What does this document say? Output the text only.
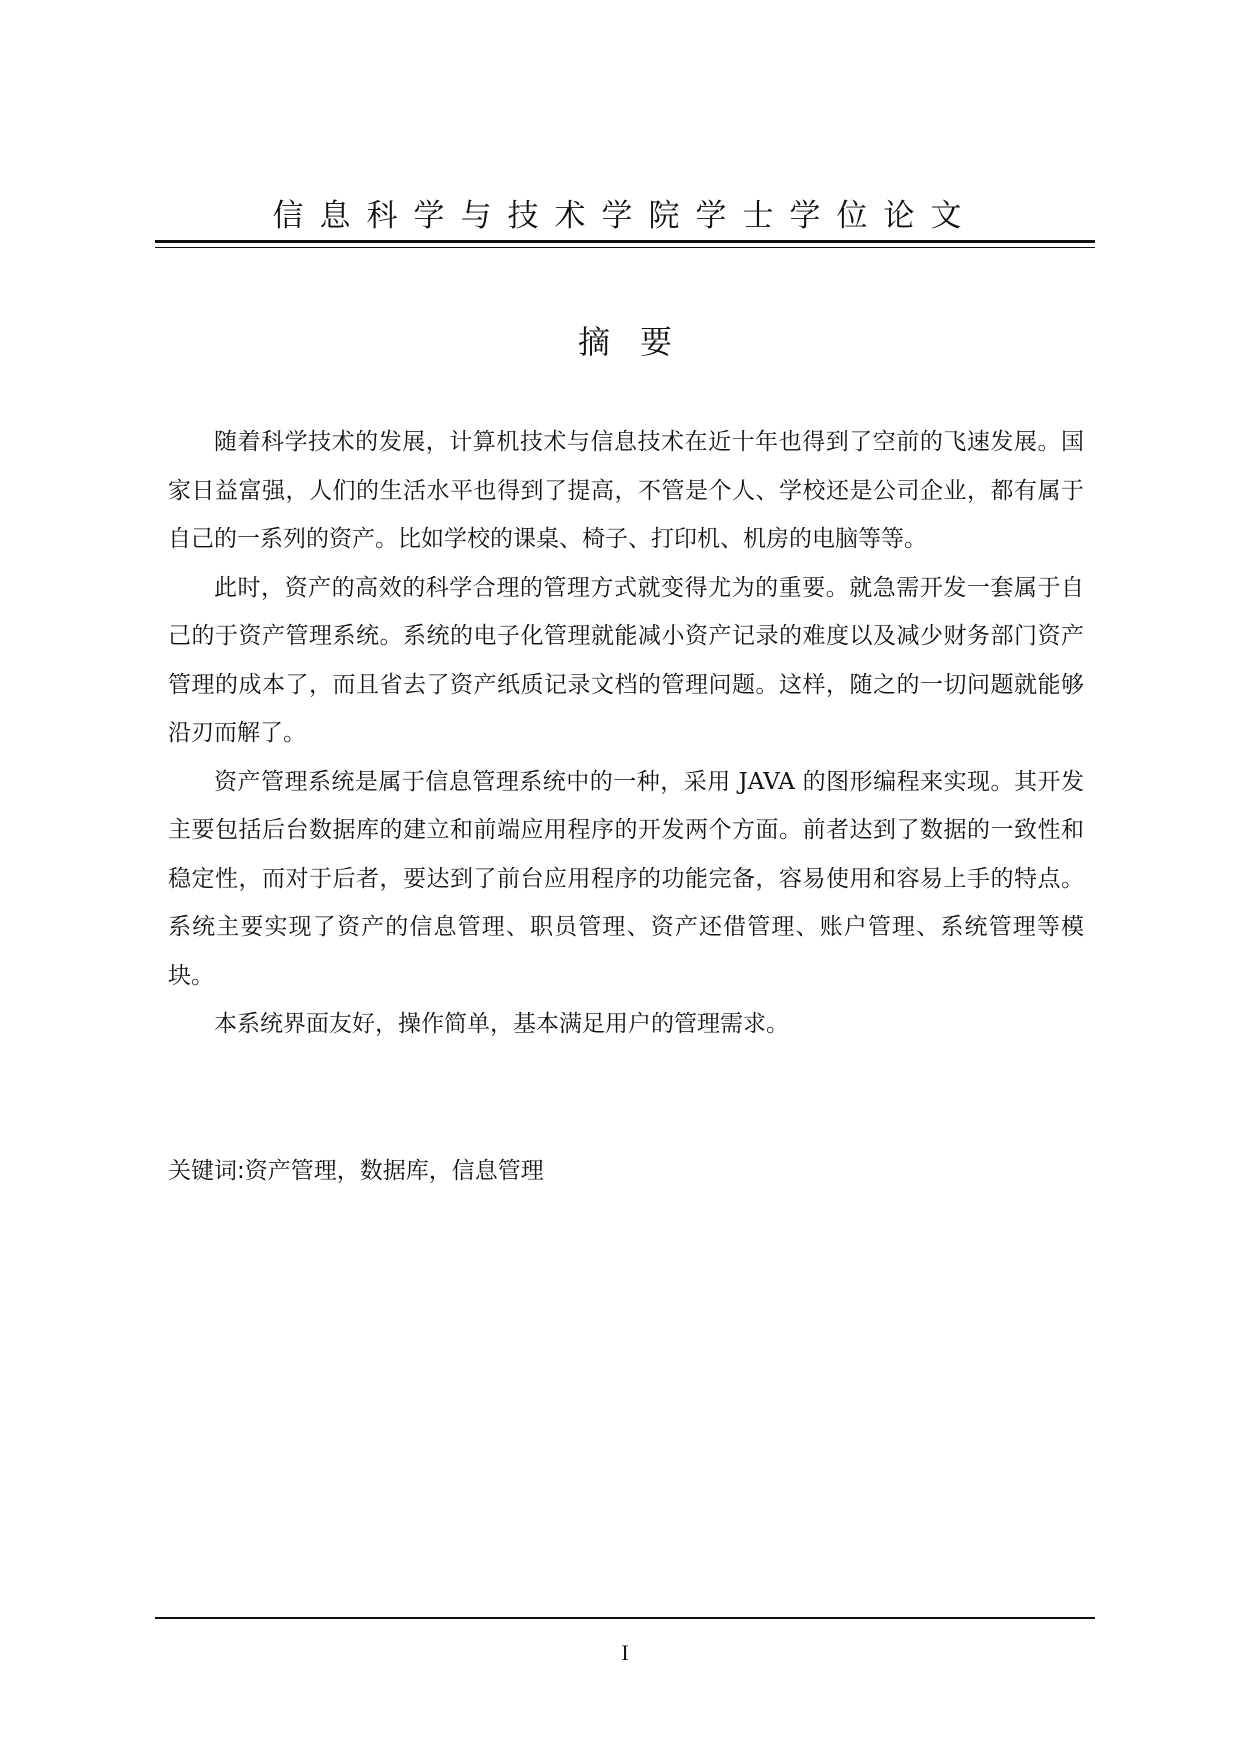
信息科学与技术学院学士学位论文
摘要

随着科学技术的发展，计算机技术与信息技术在近十年也得到了空前的飞速发展。国家日益富强，人们的生活水平也得到了提高，不管是个人、学校还是公司企业，都有属于自己的一系列的资产。比如学校的课桌、椅子、打印机、机房的电脑等等。

此时，资产的高效的科学合理的管理方式就变得尤为的重要。就急需开发一套属于自己的于资产管理系统。系统的电子化管理就能减小资产记录的难度以及减少财务部门资产管理的成本了，而且省去了资产纸质记录文档的管理问题。这样，随之的一切问题就能够沿刃而解了。

资产管理系统是属于信息管理系统中的一种，采用 JAVA 的图形编程来实现。其开发主要包括后台数据库的建立和前端应用程序的开发两个方面。前者达到了数据的一致性和稳定性，而对于后者，要达到了前台应用程序的功能完备，容易使用和容易上手的特点。系统主要实现了资产的信息管理、职员管理、资产还借管理、账户管理、系统管理等模块。

本系统界面友好，操作简单，基本满足用户的管理需求。

关键词:资产管理，数据库，信息管理
I
